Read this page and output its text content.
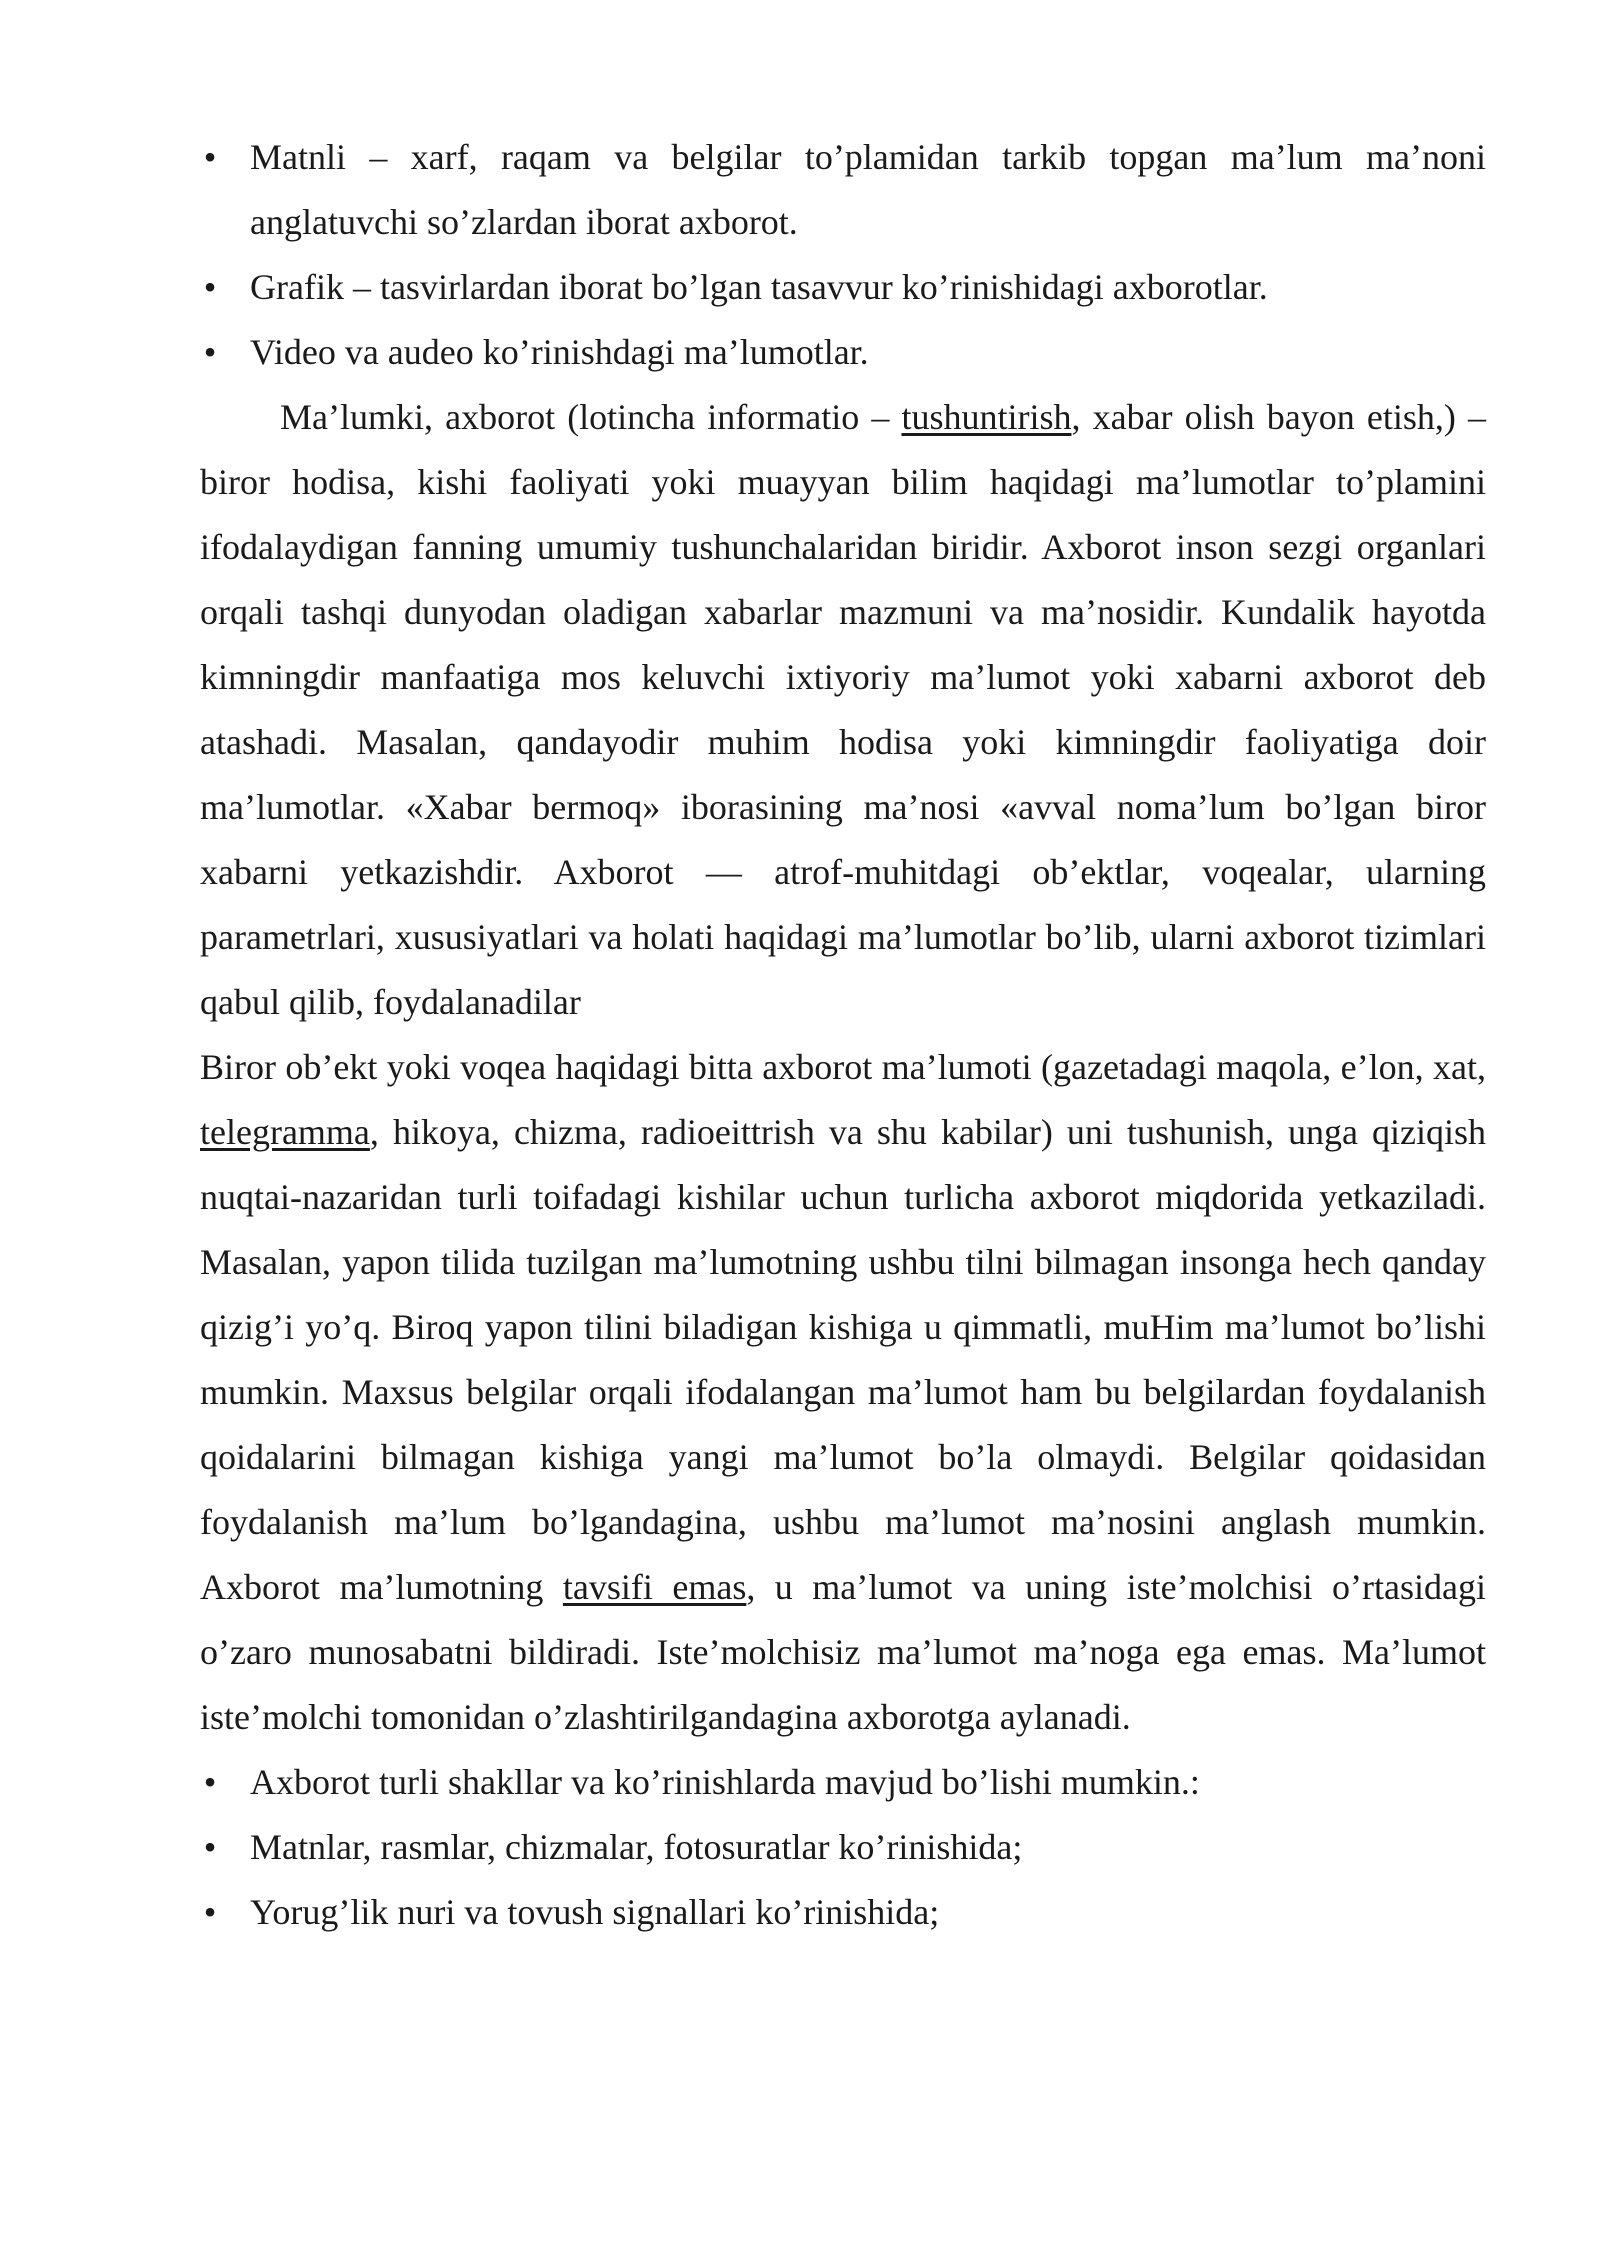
• Matnli – xarf, raqam va belgilar to’plamidan tarkib topgan ma’lum ma’noni anglatuvchi so’zlardan iborat axborot.
• Grafik – tasvirlardan iborat bo’lgan tasavvur ko’rinishidagi axborotlar.
• Video va audeo ko’rinishdagi ma’lumotlar.

Ma’lumki, axborot (lotincha informatio – tushuntirish, xabar olish bayon etish,) – biror hodisa, kishi faoliyati yoki muayyan bilim haqidagi ma’lumotlar to’plamini ifodalaydigan fanning umumiy tushunchalaridan biridir. Axborot inson sezgi organlari orqali tashqi dunyodan oladigan xabarlar mazmuni va ma’nosidir. Kundalik hayotda kimningdir manfaatiga mos keluvchi ixtiyoriy ma’lumot yoki xabarni axborot deb atashadi. Masalan, qandayodir muhim hodisa yoki kimningdir faoliyatiga doir ma’lumotlar. «Xabar bermoq» iborasining ma’nosi «avval noma’lum bo’lgan biror xabarni yetkazishdir. Axborot — atrof-muhitdagi ob’ektlar, voqealar, ularning parametrlari, xususiyatlari va holati haqidagi ma’lumotlar bo’lib, ularni axborot tizimlari qabul qilib, foydalanadilar
Biror ob’ekt yoki voqea haqidagi bitta axborot ma’lumoti (gazetadagi maqola, e’lon, xat, telegramma, hikoya, chizma, radioeittrish va shu kabilar) uni tushunish, unga qiziqish nuqtai-nazaridan turli toifadagi kishilar uchun turlicha axborot miqdorida yetkaziladi. Masalan, yapon tilida tuzilgan ma’lumotning ushbu tilni bilmagan insonga hech qanday qizig’i yo’q. Biroq yapon tilini biladigan kishiga u qimmatli, muHim ma’lumot bo’lishi mumkin. Maxsus belgilar orqali ifodalangan ma’lumot ham bu belgilardan foydalanish qoidalarini bilmagan kishiga yangi ma’lumot bo’la olmaydi. Belgilar qoidasidan foydalanish ma’lum bo’lgandagina, ushbu ma’lumot ma’nosini anglash mumkin. Axborot ma’lumotning tavsifi emas, u ma’lumot va uning iste’molchisi o’rtasidagi o’zaro munosabatni bildiradi. Iste’molchisiz ma’lumot ma’noga ega emas. Ma’lumot iste’molchi tomonidan o’zlashtirilgandagina axborotga aylanadi.

• Axborot turli shakllar va ko’rinishlarda mavjud bo’lishi mumkin.:
• Matnlar, rasmlar, chizmalar, fotosuratlar ko’rinishida;
• Yorug’lik nuri va tovush signallari ko’rinishida;
